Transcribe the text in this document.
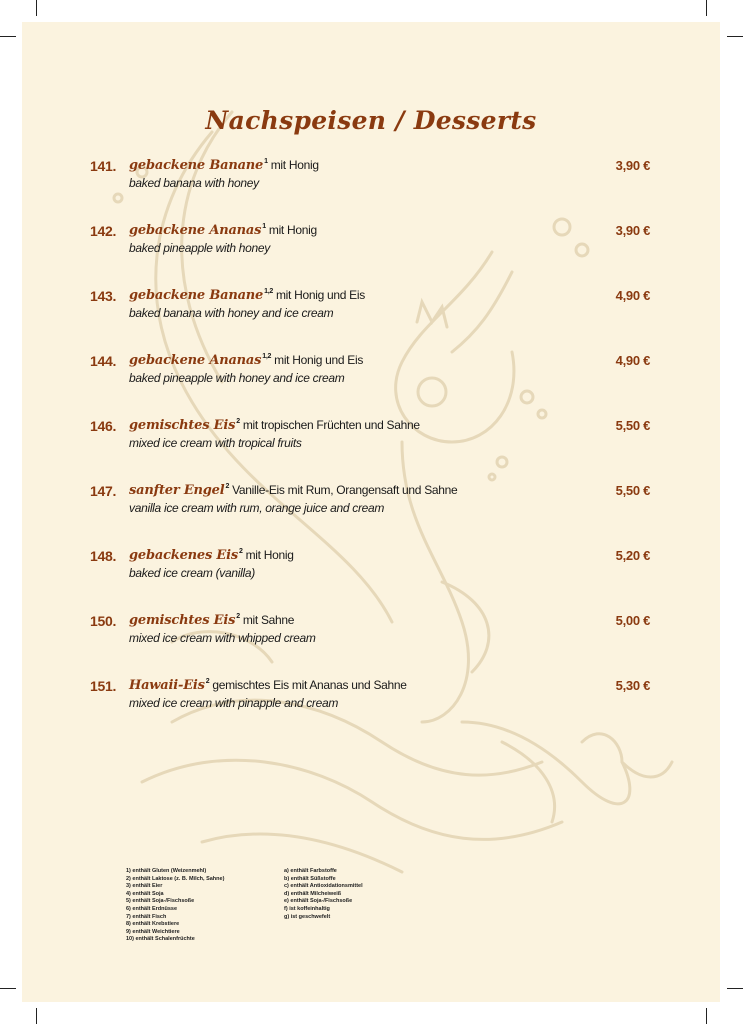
Nachspeisen / Desserts
141. gebackene Banane$^1$ mit Honig
baked banana with honey
3,90 €
142. gebackene Ananas$^1$ mit Honig
baked pineapple with honey
3,90 €
143. gebackene Banane$^{1,2}$ mit Honig und Eis
baked banana with honey and ice cream
4,90 €
144. gebackene Ananas$^{1,2}$ mit Honig und Eis
baked pineapple with honey and ice cream
4,90 €
146. gemischtes Eis$^2$ mit tropischen Früchten und Sahne
mixed ice cream with tropical fruits
5,50 €
147. sanfter Engel$^2$ Vanille-Eis mit Rum, Orangensaft und Sahne
vanilla ice cream with rum, orange juice and cream
5,50 €
148. gebackenes Eis$^2$ mit Honig
baked ice cream (vanilla)
5,20 €
150. gemischtes Eis$^2$ mit Sahne
mixed ice cream with whipped cream
5,00 €
151. Hawaii-Eis$^2$ gemischtes Eis mit Ananas und Sahne
mixed ice cream with pinapple and cream
5,30 €
1) enthält Gluten (Weizenmehl)
2) enthält Laktose (z. B. Milch, Sahne)
3) enthält Eier
4) enthält Soja
5) enthält Soja-/Fischsoße
6) enthält Erdnüsse
7) enthält Fisch
8) enthält Krebstiere
9) enthält Weichtiere
10) enthält Schalenfrüchte
a) enthält Farbstoffe
b) enthält Süßstoffe
c) enthält Antioxidationsmittel
d) enthält Milcheiweiß
e) enthält Soja-/Fischsoße
f) ist koffeinhaltig
g) ist geschwefelt
